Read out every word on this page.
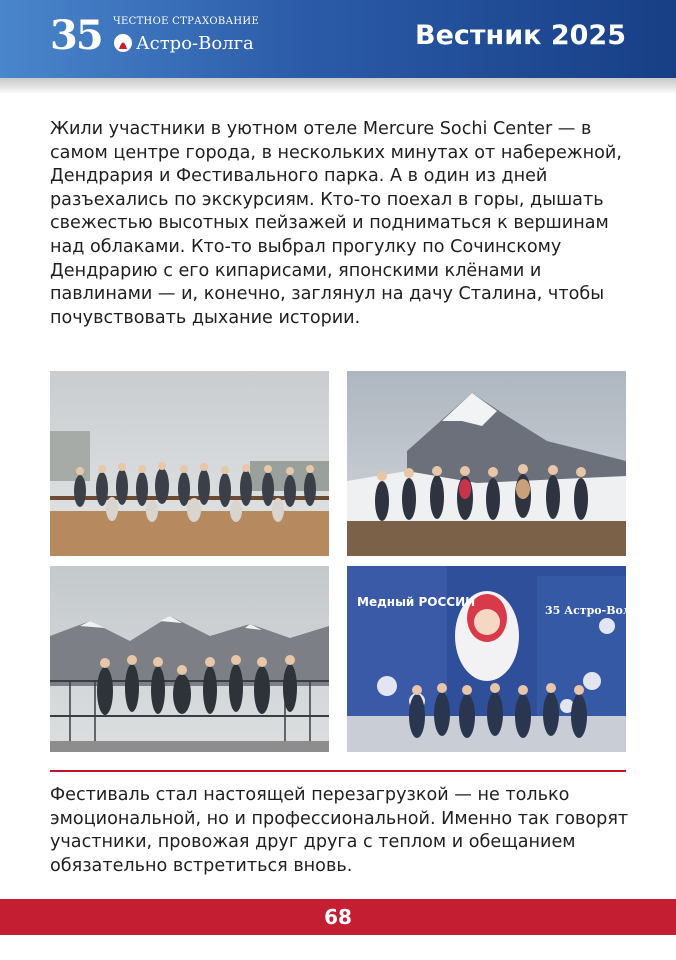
35 ЧЕСТНОЕ СТРАХОВАНИЕ
Астро-Волга	Вестник 2025

Жили участники в уютном отеле Mercure Sochi Center — в самом центре города, в нескольких минутах от набережной, Дендрария и Фестивального парка. А в один из дней разъехались по экскурсиям. Кто-то поехал в горы, дышать свежестью высотных пейзажей и подниматься к вершинам над облаками. Кто-то выбрал прогулку по Сочинскому Дендрарию с его кипарисами, японскими клёнами и павлинами — и, конечно, заглянул на дачу Сталина, чтобы почувствовать дыхание истории.

Медный РОССИИ
35 Астро-Волга

Фестиваль стал настоящей перезагрузкой — не только эмоциональной, но и профессиональной. Именно так говорят участники, провожая друг друга с теплом и обещанием обязательно встретиться вновь.

68
